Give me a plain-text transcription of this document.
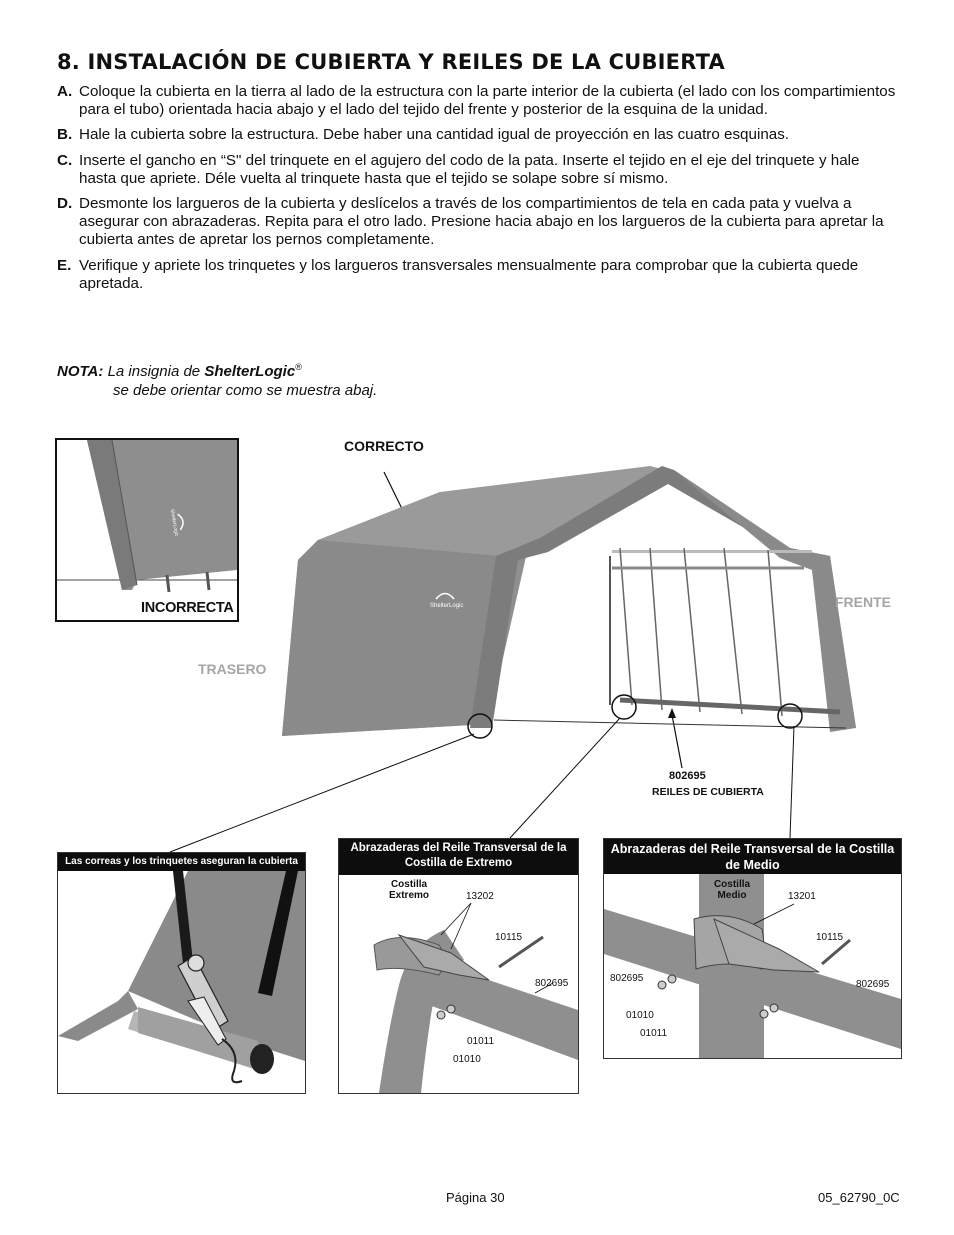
8. INSTALACIÓN DE CUBIERTA Y REILES DE LA CUBIERTA
A. Coloque la cubierta en la tierra al lado de la estructura con la parte interior de la cubierta (el lado con los compartimientos para el tubo) orientada hacia abajo y el lado del tejido del frente y posterior de la esquina de la unidad.
B. Hale la cubierta sobre la estructura. Debe haber una cantidad igual de proyección en las cuatro esquinas.
C. Inserte el gancho en “S" del trinquete en el agujero del codo de la pata. Inserte el tejido en el eje del trinquete y hale hasta que apriete. Déle vuelta al trinquete hasta que el tejido se solape sobre sí mismo.
D. Desmonte los largueros de la cubierta y deslícelos a través de los compartimientos de tela en cada pata y vuelva a asegurar con abrazaderas. Repita para el otro lado. Presione hacia abajo en los largueros de la cubierta para apretar la cubierta antes de apretar los pernos completamente.
E. Verifique y apriete los trinquetes y los largueros transversales mensualmente para comprobar que la cubierta quede apretada.
NOTA: La insignia de ShelterLogic®
se debe orientar como se muestra abaj.
ShelterLogic
INCORRECTA	ShelterLogic
CORRECTO
FRENTE
TRASERO
802695
REILES DE CUBIERTA
Las correas y los trinquetes aseguran la cubierta
Abrazaderas del Reile Transversal de la Costilla de Extremo
Costilla Extremo	13202
10115
802695
01011
01010
Abrazaderas del Reile Transversal de la Costilla de Medio
Costilla Medio	13201
10115
802695
802695
01010
01011
Página 30	05_62790_0C
